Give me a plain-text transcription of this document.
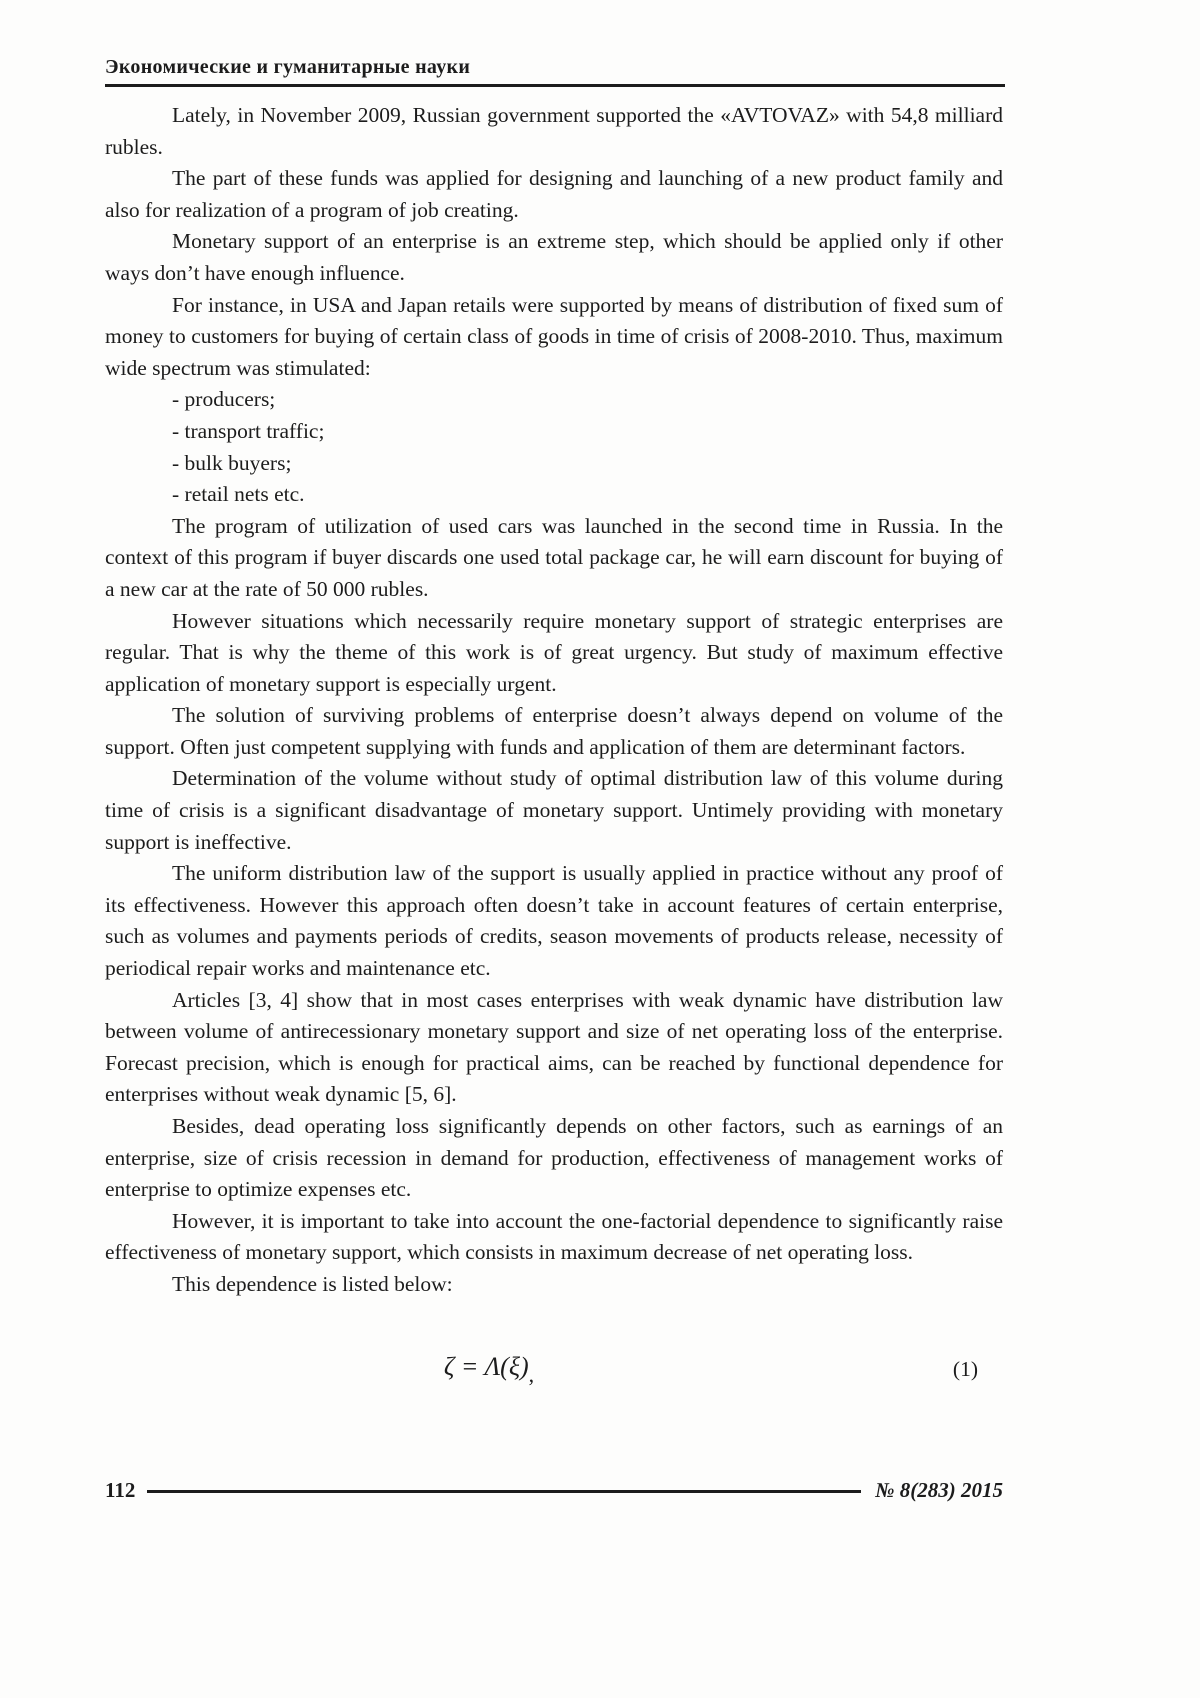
Экономические и гуманитарные науки

Lately, in November 2009, Russian government supported the «AVTOVAZ» with 54,8 milliard rubles.

The part of these funds was applied for designing and launching of a new product family and also for realization of a program of job creating.

Monetary support of an enterprise is an extreme step, which should be applied only if other ways don’t have enough influence.

For instance, in USA and Japan retails were supported by means of distribution of fixed sum of money to customers for buying of certain class of goods in time of crisis of 2008-2010. Thus, maximum wide spectrum was stimulated:

- producers;

- transport traffic;

- bulk buyers;

- retail nets etc.

The program of utilization of used cars was launched in the second time in Russia. In the context of this program if buyer discards one used total package car, he will earn discount for buying of a new car at the rate of 50 000 rubles.

However situations which necessarily require monetary support of strategic enterprises are regular. That is why the theme of this work is of great urgency. But study of maximum effective application of monetary support is especially urgent.

The solution of surviving problems of enterprise doesn’t always depend on volume of the support. Often just competent supplying with funds and application of them are determinant factors.

Determination of the volume without study of optimal distribution law of this volume during time of crisis is a significant disadvantage of monetary support. Untimely providing with monetary support is ineffective.

The uniform distribution law of the support is usually applied in practice without any proof of its effectiveness. However this approach often doesn’t take in account features of certain enterprise, such as volumes and payments periods of credits, season movements of products release, necessity of periodical repair works and maintenance etc.

Articles [3, 4] show that in most cases enterprises with weak dynamic have distribution law between volume of antirecessionary monetary support and size of net operating loss of the enterprise. Forecast precision, which is enough for practical aims, can be reached by functional dependence for enterprises without weak dynamic [5, 6].

Besides, dead operating loss significantly depends on other factors, such as earnings of an enterprise, size of crisis recession in demand for production, effectiveness of management works of enterprise to optimize expenses etc.

However, it is important to take into account the one-factorial dependence to significantly raise effectiveness of monetary support, which consists in maximum decrease of net operating loss.

This dependence is listed below:

$\zeta = \Lambda(\xi)_,$	(1)
112	№ 8(283) 2015
